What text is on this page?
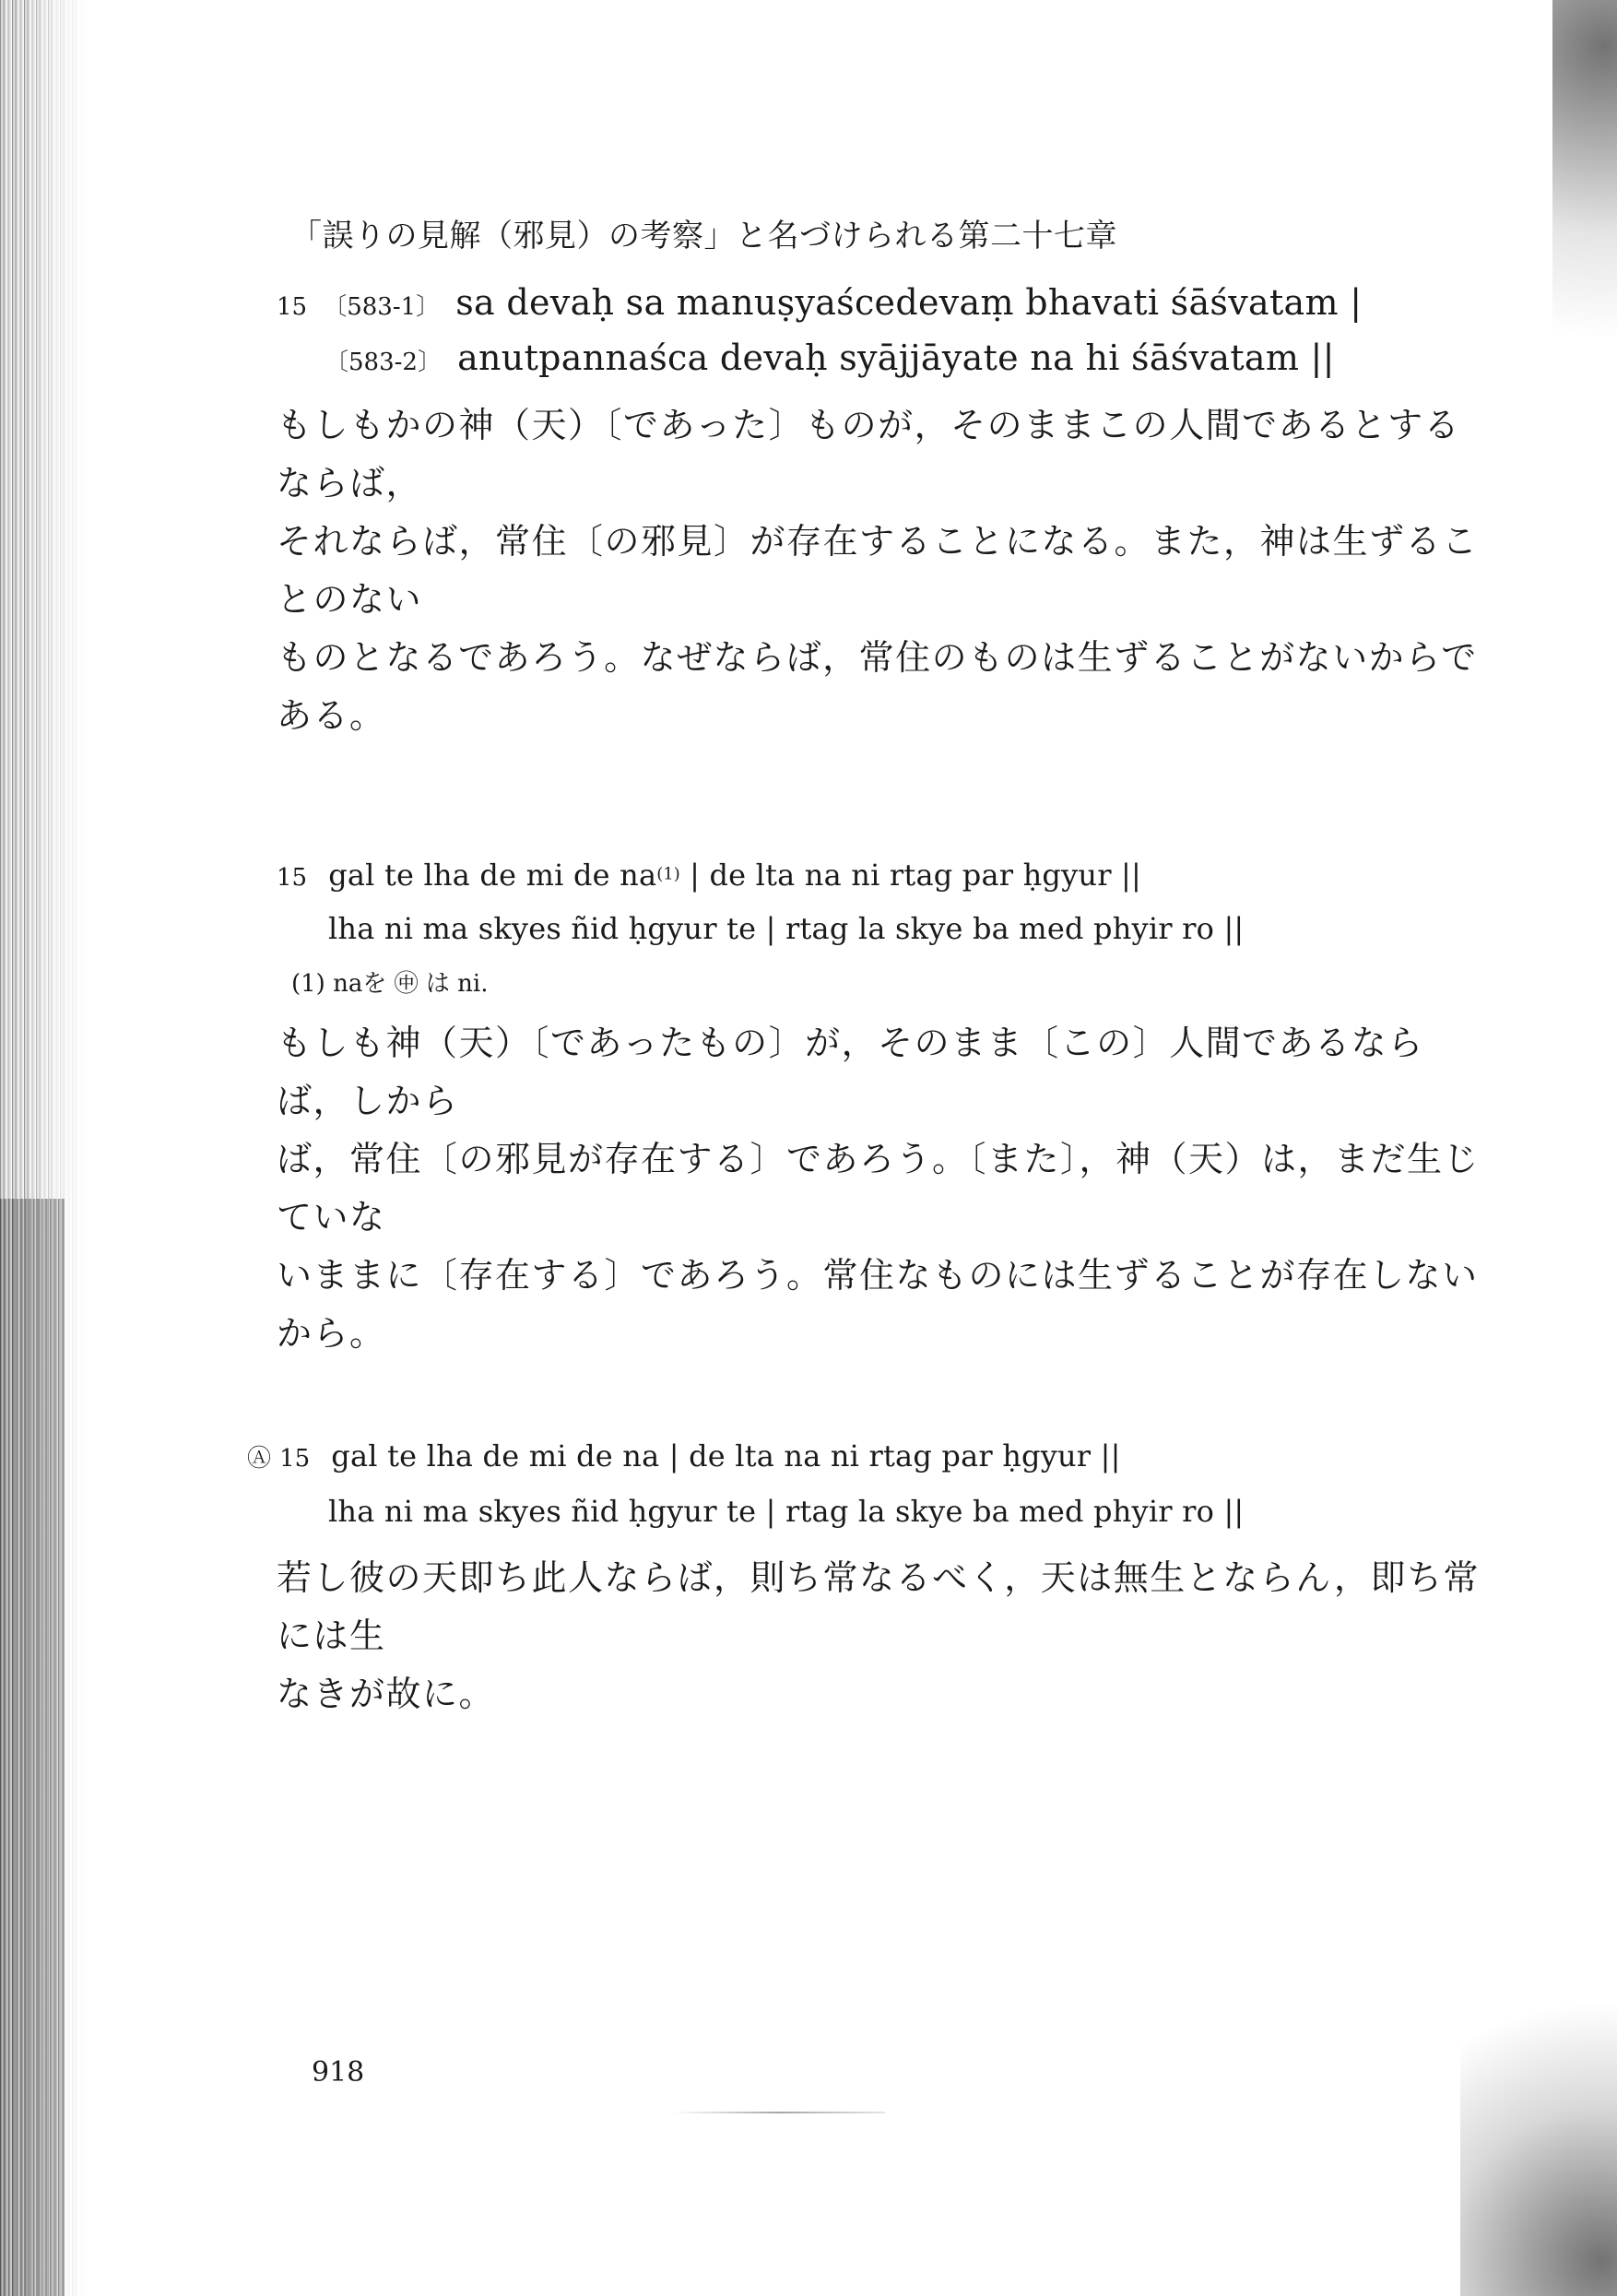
「誤りの見解（邪見）の考察」と名づけられる第二十七章
15 〔583-1〕 sa devaḥ sa manuṣyaścedevaṃ bhavati śāśvatam |
〔583-2〕 anutpannaśca devaḥ syājjāyate na hi śāśvatam ||
もしもかの神（天）〔であった〕ものが，そのままこの人間であるとするならば，
それならば，常住〔の邪見〕が存在することになる。また，神は生ずることのない
ものとなるであろう。なぜならば，常住のものは生ずることがないからである。
15 gal te lha de mi de na(1) | de lta na ni rtag par ḥgyur ||
lha ni ma skyes ñid ḥgyur te | rtag la skye ba med phyir ro ||
(1) naを ㊥ は ni.
もしも神（天）〔であったもの〕が，そのまま〔この〕人間であるならば，しから
ば，常住〔の邪見が存在する〕であろう。〔また〕，神（天）は，まだ生じていな
いままに〔存在する〕であろう。常住なものには生ずることが存在しないから。
Ⓐ 15 gal te lha de mi de na | de lta na ni rtag par ḥgyur ||
lha ni ma skyes ñid ḥgyur te | rtag la skye ba med phyir ro ||
若し彼の天即ち此人ならば，則ち常なるべく，天は無生とならん，即ち常には生
なきが故に。
918
